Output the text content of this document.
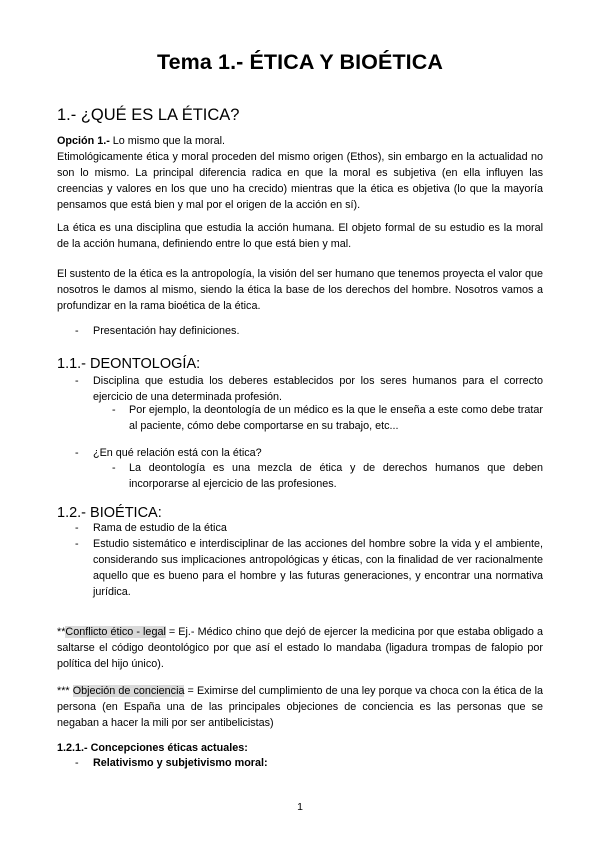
Tema 1.- ÉTICA Y BIOÉTICA
1.- ¿QUÉ ES LA ÉTICA?

Opción 1.- Lo mismo que la moral.

Etimológicamente ética y moral proceden del mismo origen (Ethos), sin embargo en la actualidad no son lo mismo. La principal diferencia radica en que la moral es subjetiva (en ella influyen las creencias y valores en los que uno ha crecido) mientras que la ética es objetiva (lo que la mayoría pensamos que está bien y mal por el origen de la acción en sí).

La ética es una disciplina que estudia la acción humana. El objeto formal de su estudio es la moral de la acción humana, definiendo entre lo que está bien y mal.

El sustento de la ética es la antropología, la visión del ser humano que tenemos proyecta el valor que nosotros le damos al mismo, siendo la ética la base de los derechos del hombre. Nosotros vamos a profundizar en la rama bioética de la ética.

- Presentación hay definiciones.

1.1.- DEONTOLOGÍA:
- Disciplina que estudia los deberes establecidos por los seres humanos para el correcto ejercicio de una determinada profesión.

- Por ejemplo, la deontología de un médico es la que le enseña a este como debe tratar al paciente, cómo debe comportarse en su trabajo, etc...

- ¿En qué relación está con la ética?

- La deontología es una mezcla de ética y de derechos humanos que deben incorporarse al ejercicio de las profesiones.

1.2.- BIOÉTICA:
- Rama de estudio de la ética

- Estudio sistemático e interdisciplinar de las acciones del hombre sobre la vida y el ambiente, considerando sus implicaciones antropológicas y éticas, con la finalidad de ver racionalmente aquello que es bueno para el hombre y las futuras generaciones, y encontrar una normativa jurídica.

**Conflicto ético - legal = Ej.- Médico chino que dejó de ejercer la medicina por que estaba obligado a saltarse el código deontológico por que así el estado lo mandaba (ligadura trompas de falopio por política del hijo único).

*** Objeción de conciencia = Eximirse del cumplimiento de una ley porque va choca con la ética de la persona (en España una de las principales objeciones de conciencia es las personas que se negaban a hacer la mili por ser antibelicistas)

1.2.1.- Concepciones éticas actuales:
- Relativismo y subjetivismo moral:

1
